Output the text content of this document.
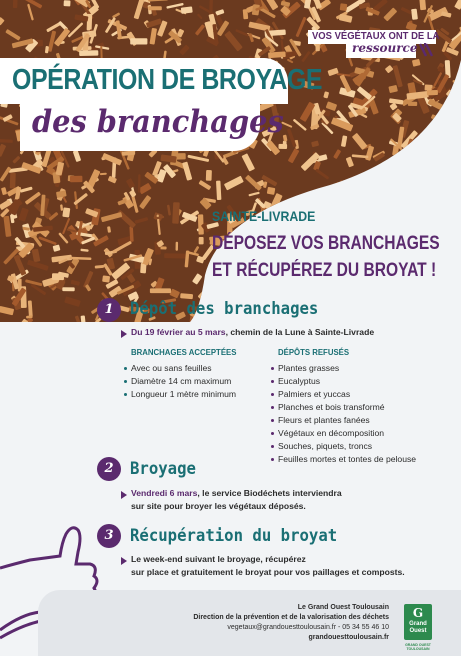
OPÉRATION DE BROYAGE
des branchages
VOS VÉGÉTAUX ONT DE LA
ressource !
SAINTE-LIVRADE
DÉPOSEZ VOS BRANCHAGES
ET RÉCUPÉREZ DU BROYAT !
1 Dépôt des branchages
Du 19 février au 5 mars, chemin de la Lune à Sainte-Livrade
BRANCHAGES ACCEPTÉES
Avec ou sans feuilles
Diamètre 14 cm maximum
Longueur 1 mètre minimum
DÉPÔTS REFUSÉS
Plantes grasses
Eucalyptus
Palmiers et yuccas
Planches et bois transformé
Fleurs et plantes fanées
Végétaux en décomposition
Souches, piquets, troncs
Feuilles mortes et tontes de pelouse
2 Broyage
Vendredi 6 mars, le service Biodéchets interviendra
sur site pour broyer les végétaux déposés.
3 Récupération du broyat
Le week-end suivant le broyage, récupérez
sur place et gratuitement le broyat pour vos paillages et composts.
Le Grand Ouest Toulousain
Direction de la prévention et de la valorisation des déchets
vegetaux@grandouesttoulousain.fr - 05 34 55 46 10
grandouesttoulousain.fr
G
Grand
Ouest
GRAND OUEST TOULOUSAIN
